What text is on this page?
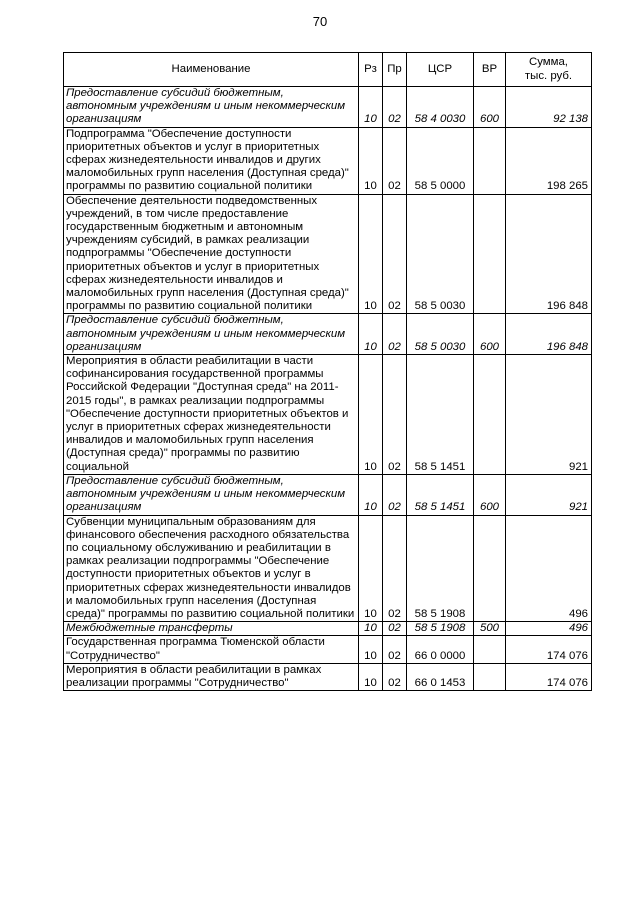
70
Наименование	Рз	Пр	ЦСР	ВР	Сумма,
тыс. руб.

Предоставление субсидий бюджетным, автономным учреждениям и иным некоммерческим организациям	10	02	58 4 0030	600	92 138
Подпрограмма "Обеспечение доступности приоритетных объектов и услуг в приоритетных сферах жизнедеятельности инвалидов и других маломобильных групп населения (Доступная среда)" программы по развитию социальной политики	10	02	58 5 0000		198 265
Обеспечение деятельности подведомственных учреждений, в том числе предоставление государственным бюджетным и автономным учреждениям субсидий, в рамках реализации подпрограммы "Обеспечение доступности приоритетных объектов и услуг в приоритетных сферах жизнедеятельности инвалидов и маломобильных групп населения (Доступная среда)" программы по развитию социальной политики	10	02	58 5 0030		196 848
Предоставление субсидий бюджетным, автономным учреждениям и иным некоммерческим организациям	10	02	58 5 0030	600	196 848
Мероприятия в области реабилитации в части софинансирования государственной программы Российской Федерации "Доступная среда" на 2011-2015 годы", в рамках реализации подпрограммы "Обеспечение доступности приоритетных объектов и услуг в приоритетных сферах жизнедеятельности инвалидов и маломобильных групп населения (Доступная среда)" программы по развитию социальной	10	02	58 5 1451		921
Предоставление субсидий бюджетным, автономным учреждениям и иным некоммерческим организациям	10	02	58 5 1451	600	921
Субвенции муниципальным образованиям для финансового обеспечения расходного обязательства по социальному обслуживанию и реабилитации в рамках реализации подпрограммы "Обеспечение доступности приоритетных объектов и услуг в приоритетных сферах жизнедеятельности инвалидов и маломобильных групп населения (Доступная среда)" программы по развитию социальной политики	10	02	58 5 1908		496
Межбюджетные трансферты	10	02	58 5 1908	500	496
Государственная программа Тюменской области "Сотрудничество"	10	02	66 0 0000		174 076
Мероприятия в области реабилитации в рамках реализации программы "Сотрудничество"	10	02	66 0 1453		174 076
